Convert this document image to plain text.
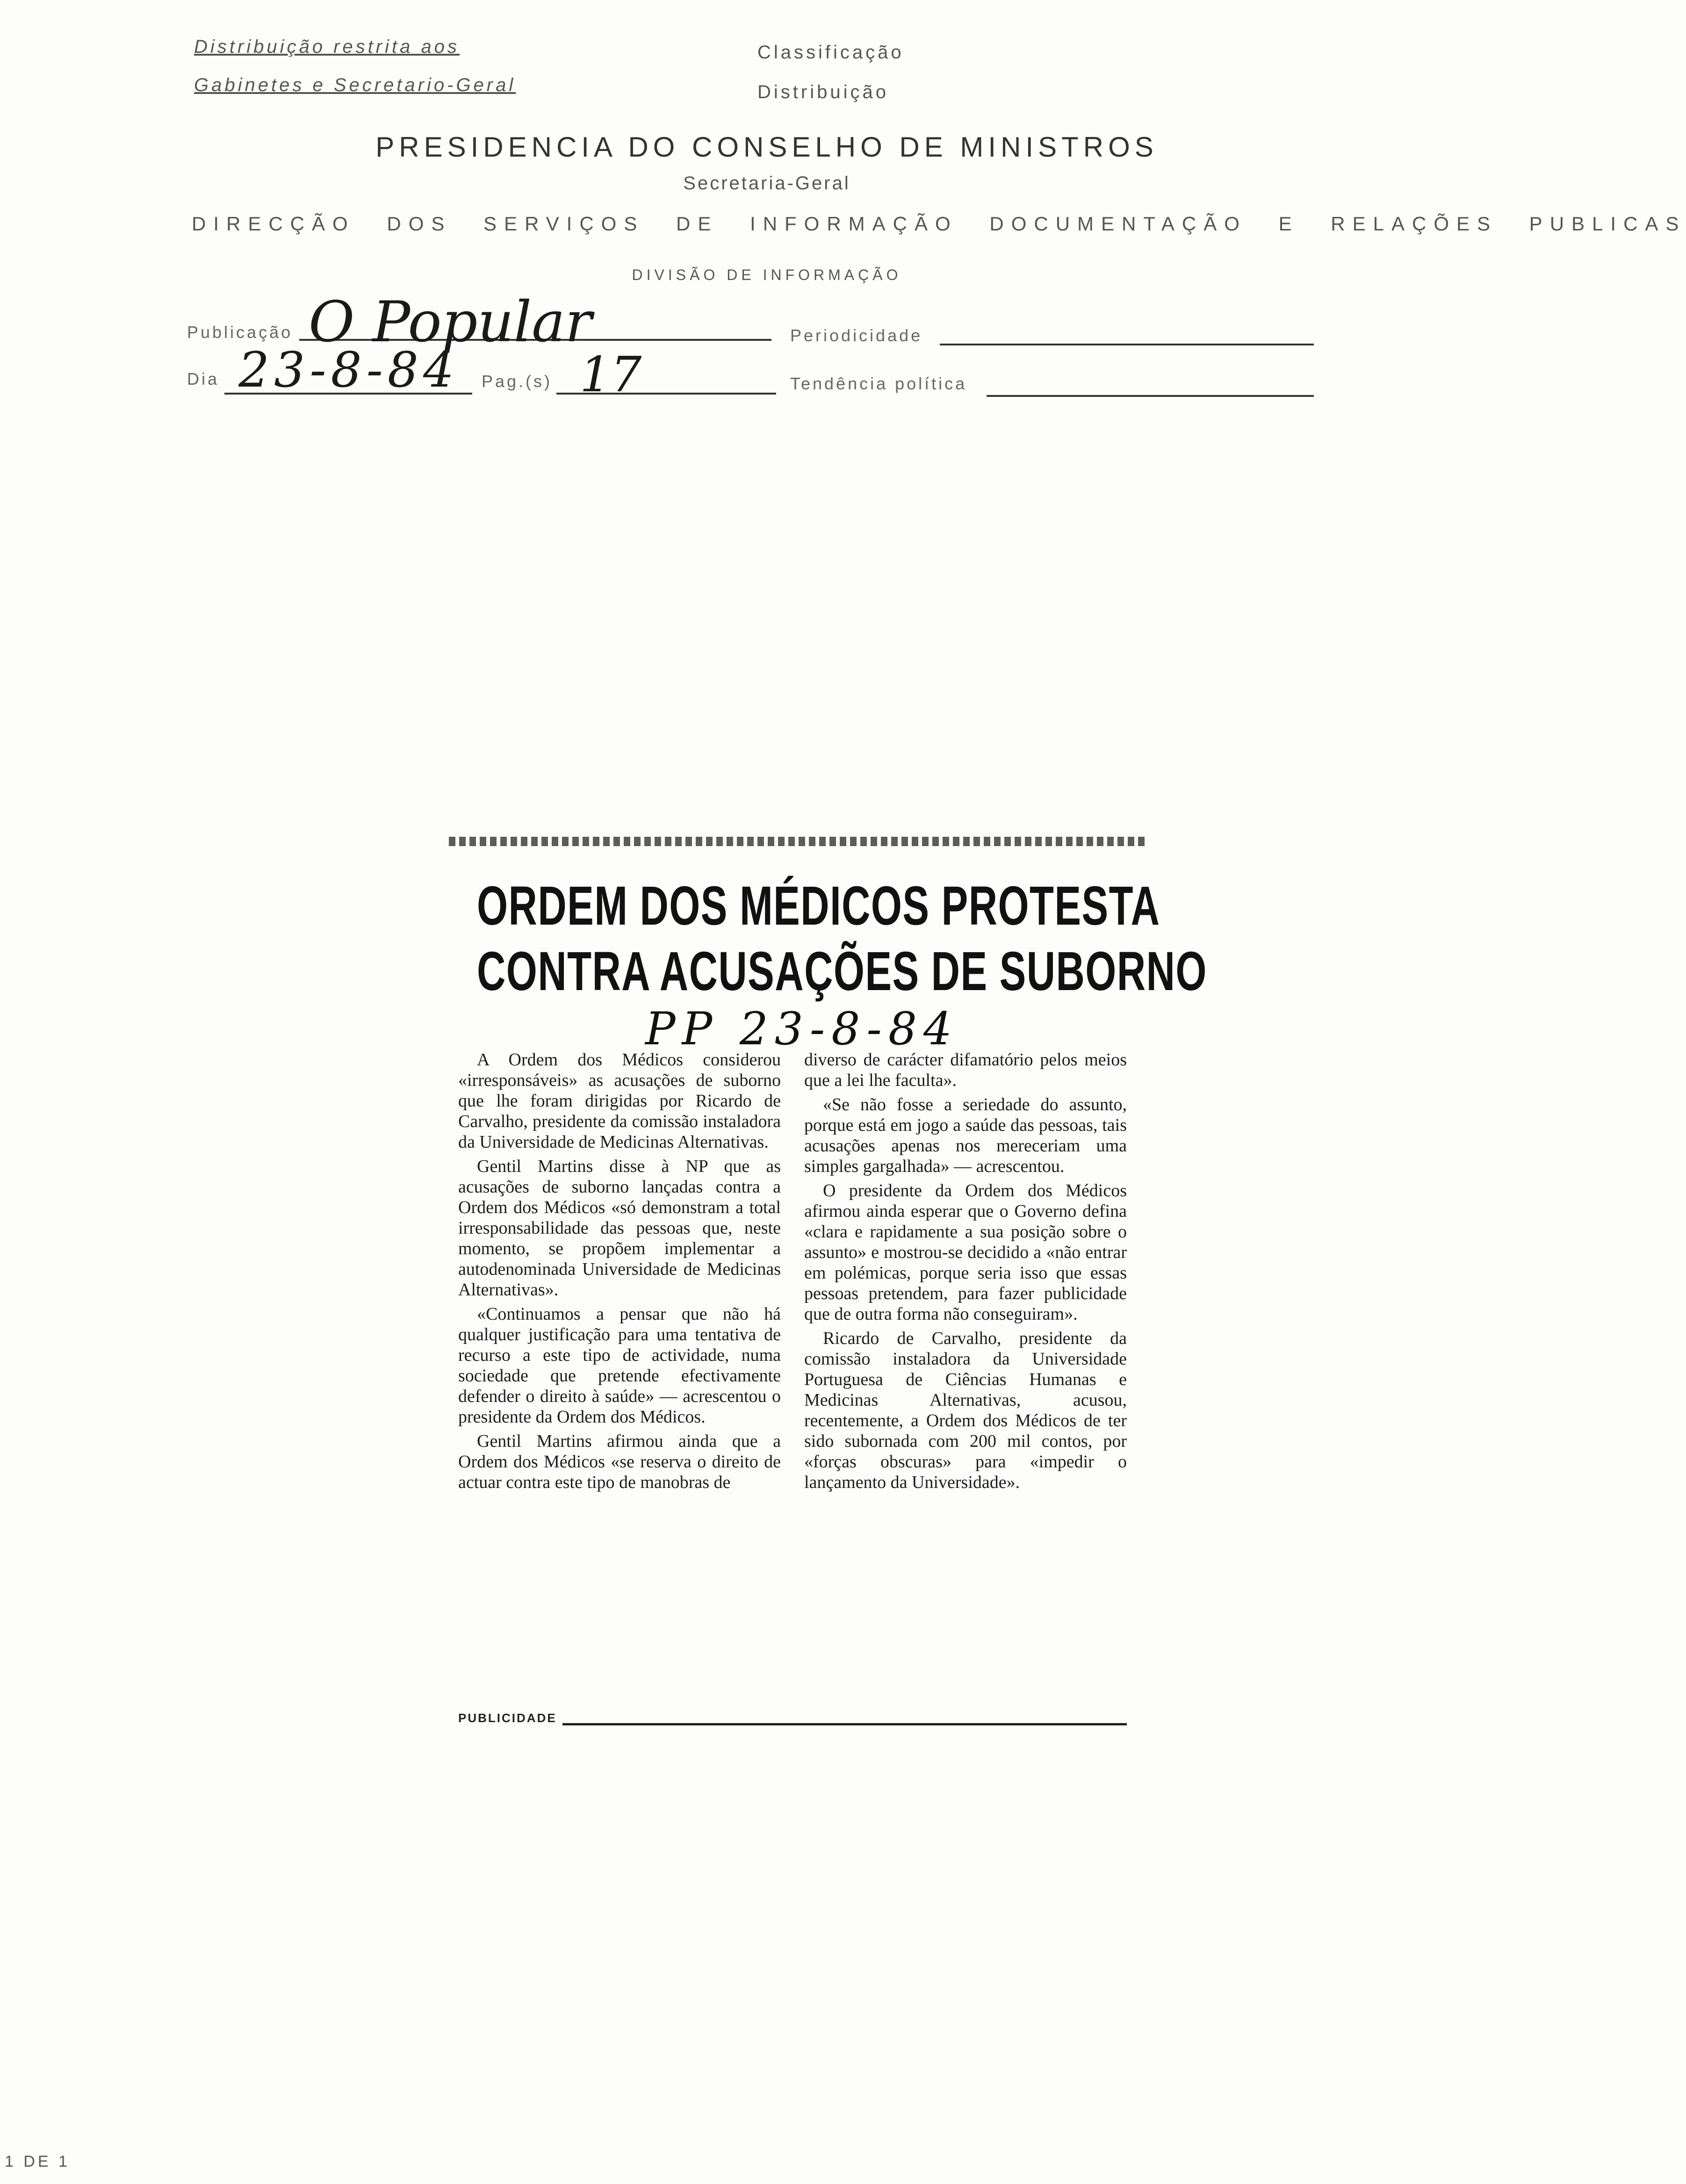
Distribuição restrita aos
Gabinetes e Secretario-Geral
Classificação
Distribuição
PRESIDENCIA DO CONSELHO DE MINISTROS
Secretaria-Geral
DIRECÇÃO DOS SERVIÇOS DE INFORMAÇÃO DOCUMENTAÇÃO E RELAÇÕES PUBLICAS
DIVISÃO DE INFORMAÇÃO
Publicação O Popular	Periodicidade
Dia 23-8-84 Pag.(s) 17	Tendência política
ORDEM DOS MÉDICOS PROTESTA
CONTRA ACUSAÇÕES DE SUBORNO
PP 23-8-84

A Ordem dos Médicos considerou «irresponsáveis» as acusações de suborno que lhe foram dirigidas por Ricardo de Carvalho, presidente da comissão instaladora da Universidade de Medicinas Alternativas.

Gentil Martins disse à NP que as acusações de suborno lançadas contra a Ordem dos Médicos «só demonstram a total irresponsabilidade das pessoas que, neste momento, se propõem implementar a autodenominada Universidade de Medicinas Alternativas».

«Continuamos a pensar que não há qualquer justificação para uma tentativa de recurso a este tipo de actividade, numa sociedade que pretende efectivamente defender o direito à saúde» — acrescentou o presidente da Ordem dos Médicos.

Gentil Martins afirmou ainda que a Ordem dos Médicos «se reserva o direito de actuar contra este tipo de manobras de

diverso de carácter difamatório pelos meios que a lei lhe faculta».

«Se não fosse a seriedade do assunto, porque está em jogo a saúde das pessoas, tais acusações apenas nos mereceriam uma simples gargalhada» — acrescentou.

O presidente da Ordem dos Médicos afirmou ainda esperar que o Governo defina «clara e rapidamente a sua posição sobre o assunto» e mostrou-se decidido a «não entrar em polémicas, porque seria isso que essas pessoas pretendem, para fazer publicidade que de outra forma não conseguiram».

Ricardo de Carvalho, presidente da comissão instaladora da Universidade Portuguesa de Ciências Humanas e Medicinas Alternativas, acusou, recentemente, a Ordem dos Médicos de ter sido subornada com 200 mil contos, por «forças obscuras» para «impedir o lançamento da Universidade».

PUBLICIDADE
1 DE 1
